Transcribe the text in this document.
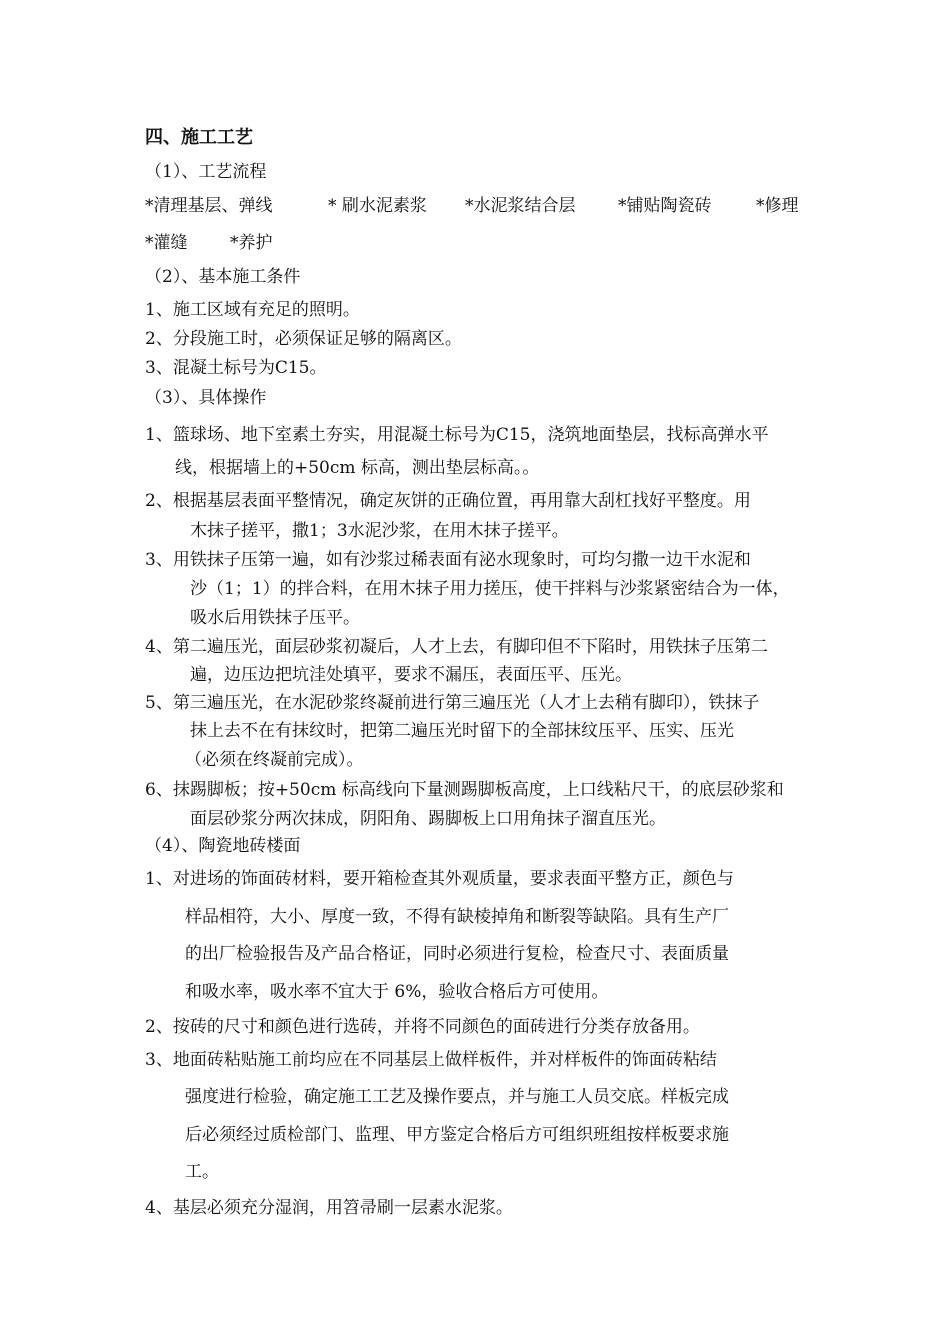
四、施工工艺
（1）、工艺流程
*清理基层、弹线	* 刷水泥素浆 *水泥浆结合层	*铺贴陶瓷砖	*修理
*灌缝	*养护
（2）、基本施工条件
1、施工区域有充足的照明。
2、分段施工时，必须保证足够的隔离区。
3、混凝土标号为C15。
（3）、具体操作
1、篮球场、地下室素土夯实，用混凝土标号为C15，浇筑地面垫层，找标高弹水平
线，根据墙上的+50cm 标高，测出垫层标高。。
2、根据基层表面平整情况，确定灰饼的正确位置，再用靠大刮杠找好平整度。用
木抹子搓平，撒1；3水泥沙浆，在用木抹子搓平。
3、用铁抹子压第一遍，如有沙浆过稀表面有泌水现象时，可均匀撒一边干水泥和
沙（1；1）的拌合料，在用木抹子用力搓压，使干拌料与沙浆紧密结合为一体，
吸水后用铁抹子压平。
4、第二遍压光，面层砂浆初凝后，人才上去，有脚印但不下陷时，用铁抹子压第二
遍，边压边把坑洼处填平，要求不漏压，表面压平、压光。
5、第三遍压光，在水泥砂浆终凝前进行第三遍压光（人才上去稍有脚印），铁抹子
抹上去不在有抹纹时，把第二遍压光时留下的全部抹纹压平、压实、压光
（必须在终凝前完成）。
6、抹踢脚板；按+50cm 标高线向下量测踢脚板高度，上口线粘尺干，的底层砂浆和
面层砂浆分两次抹成，阴阳角、踢脚板上口用角抹子溜直压光。
（4）、陶瓷地砖楼面
1、对进场的饰面砖材料，要开箱检查其外观质量，要求表面平整方正，颜色与
样品相符，大小、厚度一致，不得有缺棱掉角和断裂等缺陷。具有生产厂
的出厂检验报告及产品合格证，同时必须进行复检，检查尺寸、表面质量
和吸水率，吸水率不宜大于 6%，验收合格后方可使用。
2、按砖的尺寸和颜色进行选砖，并将不同颜色的面砖进行分类存放备用。
3、地面砖粘贴施工前均应在不同基层上做样板件，并对样板件的饰面砖粘结
强度进行检验，确定施工工艺及操作要点，并与施工人员交底。样板完成
后必须经过质检部门、监理、甲方鉴定合格后方可组织班组按样板要求施
工。
4、基层必须充分湿润，用笤帚刷一层素水泥浆。
